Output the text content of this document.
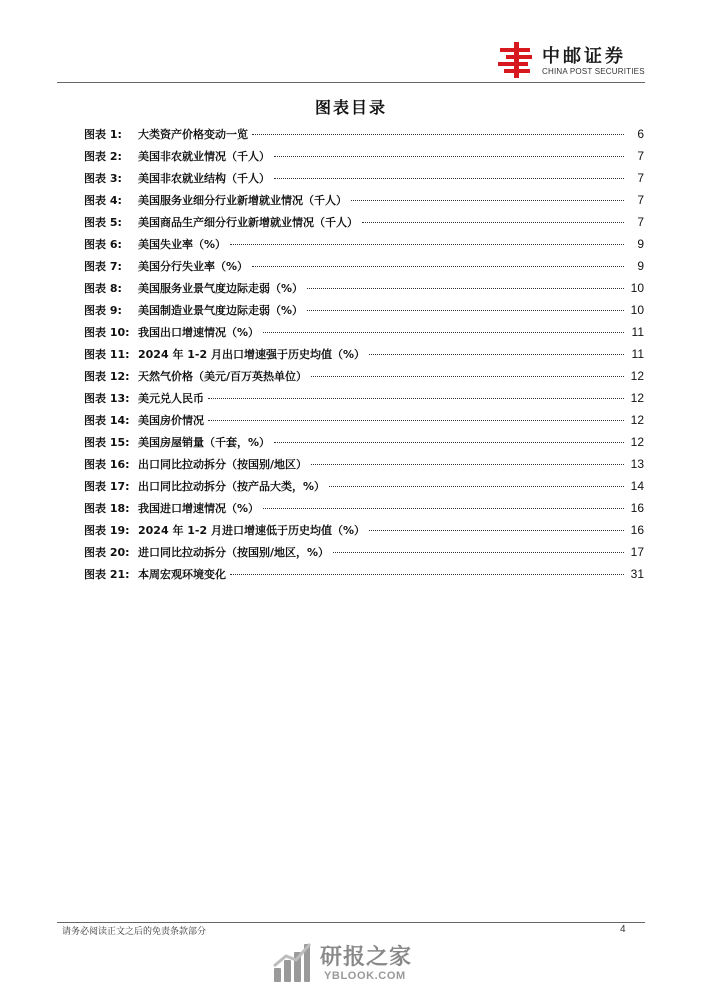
中邮证券
CHINA POST SECURITIES
图表目录
图表 1:	大类资产价格变动一览	6
图表 2:	美国非农就业情况（千人）	7
图表 3:	美国非农就业结构（千人）	7
图表 4:	美国服务业细分行业新增就业情况（千人）	7
图表 5:	美国商品生产细分行业新增就业情况（千人）	7
图表 6:	美国失业率（%）	9
图表 7:	美国分行失业率（%）	9
图表 8:	美国服务业景气度边际走弱（%）	10
图表 9:	美国制造业景气度边际走弱（%）	10
图表 10: 我国出口增速情况（%）	11
图表 11: 2024 年 1-2 月出口增速强于历史均值（%）	11
图表 12: 天然气价格（美元/百万英热单位）	12
图表 13: 美元兑人民币	12
图表 14: 美国房价情况	12
图表 15: 美国房屋销量（千套，%）	12
图表 16: 出口同比拉动拆分（按国别/地区）	13
图表 17: 出口同比拉动拆分（按产品大类，%）	14
图表 18: 我国进口增速情况（%）	16
图表 19: 2024 年 1-2 月进口增速低于历史均值（%）	16
图表 20: 进口同比拉动拆分（按国别/地区，%）	17
图表 21: 本周宏观环境变化	31
请务必阅读正文之后的免责条款部分	4
研报之家
YBLOOK.COM
